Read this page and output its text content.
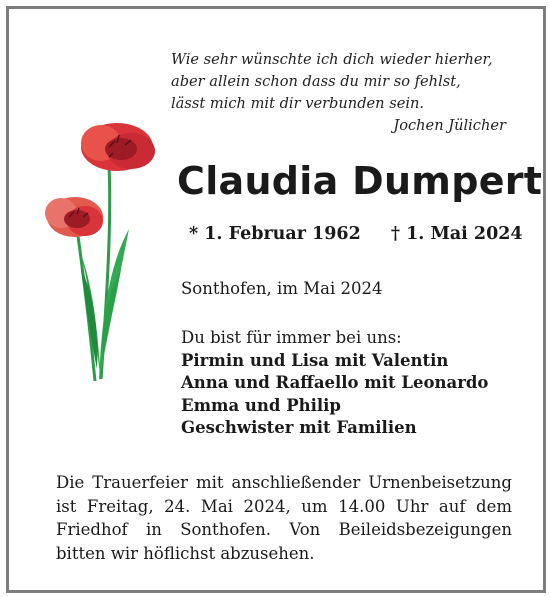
Wie sehr wünschte ich dich wieder hierher,
aber allein schon dass du mir so fehlst,
lässt mich mit dir verbunden sein.
Jochen Jülicher
Claudia Dumpert
* 1. Februar 1962 † 1. Mai 2024
Sonthofen, im Mai 2024
Du bist für immer bei uns:
Pirmin und Lisa mit Valentin
Anna und Raffaello mit Leonardo
Emma und Philip
Geschwister mit Familien
Die Trauerfeier mit anschließender Urnenbeisetzung
ist Freitag, 24. Mai 2024, um 14.00 Uhr auf dem
Friedhof in Sonthofen. Von Beileidsbezeigungen
bitten wir höflichst abzusehen.
